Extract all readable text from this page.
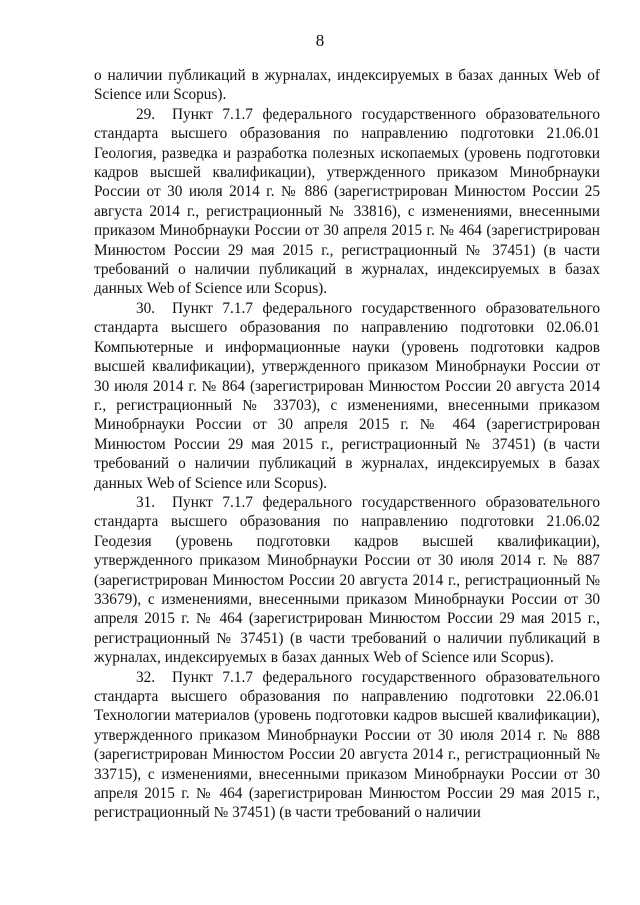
8

о наличии публикаций в журналах, индексируемых в базах данных Web of Science или Scopus).

29. Пункт 7.1.7 федерального государственного образовательного стандарта высшего образования по направлению подготовки 21.06.01 Геология, разведка и разработка полезных ископаемых (уровень подготовки кадров высшей квалификации), утвержденного приказом Минобрнауки России от 30 июля 2014 г. № 886 (зарегистрирован Минюстом России 25 августа 2014 г., регистрационный № 33816), с изменениями, внесенными приказом Минобрнауки России от 30 апреля 2015 г. № 464 (зарегистрирован Минюстом России 29 мая 2015 г., регистрационный № 37451) (в части требований о наличии публикаций в журналах, индексируемых в базах данных Web of Science или Scopus).

30. Пункт 7.1.7 федерального государственного образовательного стандарта высшего образования по направлению подготовки 02.06.01 Компьютерные и информационные науки (уровень подготовки кадров высшей квалификации), утвержденного приказом Минобрнауки России от 30 июля 2014 г. № 864 (зарегистрирован Минюстом России 20 августа 2014 г., регистрационный № 33703), с изменениями, внесенными приказом Минобрнауки России от 30 апреля 2015 г. № 464 (зарегистрирован Минюстом России 29 мая 2015 г., регистрационный № 37451) (в части требований о наличии публикаций в журналах, индексируемых в базах данных Web of Science или Scopus).

31. Пункт 7.1.7 федерального государственного образовательного стандарта высшего образования по направлению подготовки 21.06.02 Геодезия (уровень подготовки кадров высшей квалификации), утвержденного приказом Минобрнауки России от 30 июля 2014 г. № 887 (зарегистрирован Минюстом России 20 августа 2014 г., регистрационный № 33679), с изменениями, внесенными приказом Минобрнауки России от 30 апреля 2015 г. № 464 (зарегистрирован Минюстом России 29 мая 2015 г., регистрационный № 37451) (в части требований о наличии публикаций в журналах, индексируемых в базах данных Web of Science или Scopus).

32. Пункт 7.1.7 федерального государственного образовательного стандарта высшего образования по направлению подготовки 22.06.01 Технологии материалов (уровень подготовки кадров высшей квалификации), утвержденного приказом Минобрнауки России от 30 июля 2014 г. № 888 (зарегистрирован Минюстом России 20 августа 2014 г., регистрационный № 33715), с изменениями, внесенными приказом Минобрнауки России от 30 апреля 2015 г. № 464 (зарегистрирован Минюстом России 29 мая 2015 г., регистрационный № 37451) (в части требований о наличии
